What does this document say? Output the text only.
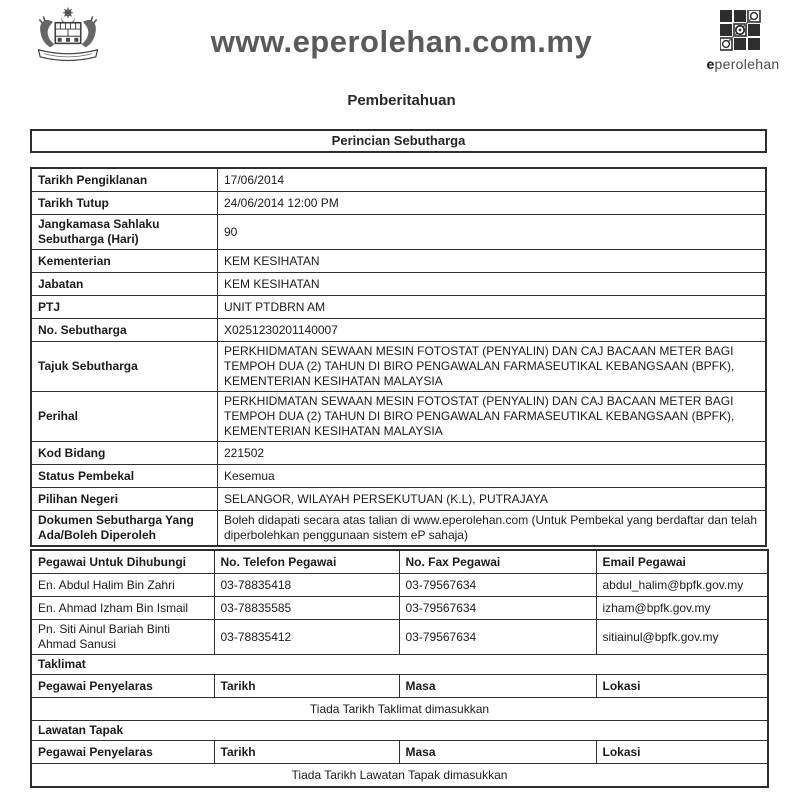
www.eperolehan.com.my
eperolehan
Pemberitahuan
Perincian Sebutharga
Tarikh Pengiklanan	17/06/2014
Tarikh Tutup	24/06/2014 12:00 PM
Jangkamasa Sahlaku Sebutharga (Hari)	90
Kementerian	KEM KESIHATAN
Jabatan	KEM KESIHATAN
PTJ	UNIT PTDBRN AM
No. Sebutharga	X0251230201140007
Tajuk Sebutharga	PERKHIDMATAN SEWAAN MESIN FOTOSTAT (PENYALIN) DAN CAJ BACAAN METER BAGI TEMPOH DUA (2) TAHUN DI BIRO PENGAWALAN FARMASEUTIKAL KEBANGSAAN (BPFK), KEMENTERIAN KESIHATAN MALAYSIA
Perihal	PERKHIDMATAN SEWAAN MESIN FOTOSTAT (PENYALIN) DAN CAJ BACAAN METER BAGI TEMPOH DUA (2) TAHUN DI BIRO PENGAWALAN FARMASEUTIKAL KEBANGSAAN (BPFK), KEMENTERIAN KESIHATAN MALAYSIA
Kod Bidang	221502
Status Pembekal	Kesemua
Pilihan Negeri	SELANGOR, WILAYAH PERSEKUTUAN (K.L), PUTRAJAYA
Dokumen Sebutharga Yang Ada/Boleh Diperoleh	Boleh didapati secara atas talian di www.eperolehan.com (Untuk Pembekal yang berdaftar dan telah diperbolehkan penggunaan sistem eP sahaja)
Pegawai Untuk Dihubungi	No. Telefon Pegawai	No. Fax Pegawai	Email Pegawai
En. Abdul Halim Bin Zahri	03-78835418	03-79567634	abdul_halim@bpfk.gov.my
En. Ahmad Izham Bin Ismail	03-78835585	03-79567634	izham@bpfk.gov.my
Pn. Siti Ainul Bariah Binti Ahmad Sanusi	03-78835412	03-79567634	sitiainul@bpfk.gov.my
Taklimat			
Pegawai Penyelaras	Tarikh	Masa	Lokasi
Tiada Tarikh Taklimat dimasukkan			
Lawatan Tapak			
Pegawai Penyelaras	Tarikh	Masa	Lokasi
Tiada Tarikh Lawatan Tapak dimasukkan			
